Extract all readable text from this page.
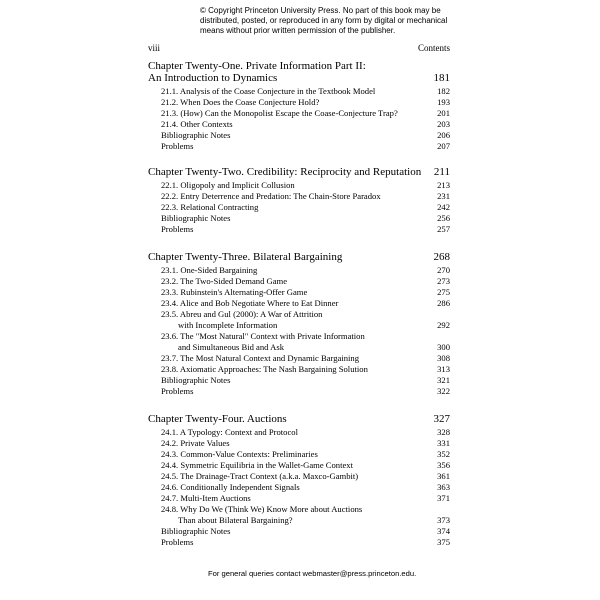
© Copyright Princeton University Press. No part of this book may be
distributed, posted, or reproduced in any form by digital or mechanical
means without prior written permission of the publisher.
viii	Contents
Chapter Twenty-One. Private Information Part II:
An Introduction to Dynamics	181
21.1. Analysis of the Coase Conjecture in the Textbook Model	182
21.2. When Does the Coase Conjecture Hold?	193
21.3. (How) Can the Monopolist Escape the Coase-Conjecture Trap?	201
21.4. Other Contexts	203
Bibliographic Notes	206
Problems	207
Chapter Twenty-Two. Credibility: Reciprocity and Reputation 211
22.1. Oligopoly and Implicit Collusion	213
22.2. Entry Deterrence and Predation: The Chain-Store Paradox	231
22.3. Relational Contracting	242
Bibliographic Notes	256
Problems	257
Chapter Twenty-Three. Bilateral Bargaining	268
23.1. One-Sided Bargaining	270
23.2. The Two-Sided Demand Game	273
23.3. Rubinstein's Alternating-Offer Game	275
23.4. Alice and Bob Negotiate Where to Eat Dinner	286
23.5. Abreu and Gul (2000): A War of Attrition
with Incomplete Information	292
23.6. The "Most Natural" Context with Private Information
and Simultaneous Bid and Ask	300
23.7. The Most Natural Context and Dynamic Bargaining	308
23.8. Axiomatic Approaches: The Nash Bargaining Solution	313
Bibliographic Notes	321
Problems	322
Chapter Twenty-Four. Auctions	327
24.1. A Typology: Context and Protocol	328
24.2. Private Values	331
24.3. Common-Value Contexts: Preliminaries	352
24.4. Symmetric Equilibria in the Wallet-Game Context	356
24.5. The Drainage-Tract Context (a.k.a. Maxco-Gambit)	361
24.6. Conditionally Independent Signals	363
24.7. Multi-Item Auctions	371
24.8. Why Do We (Think We) Know More about Auctions
Than about Bilateral Bargaining?	373
Bibliographic Notes	374
Problems	375
For general queries contact webmaster@press.princeton.edu.
